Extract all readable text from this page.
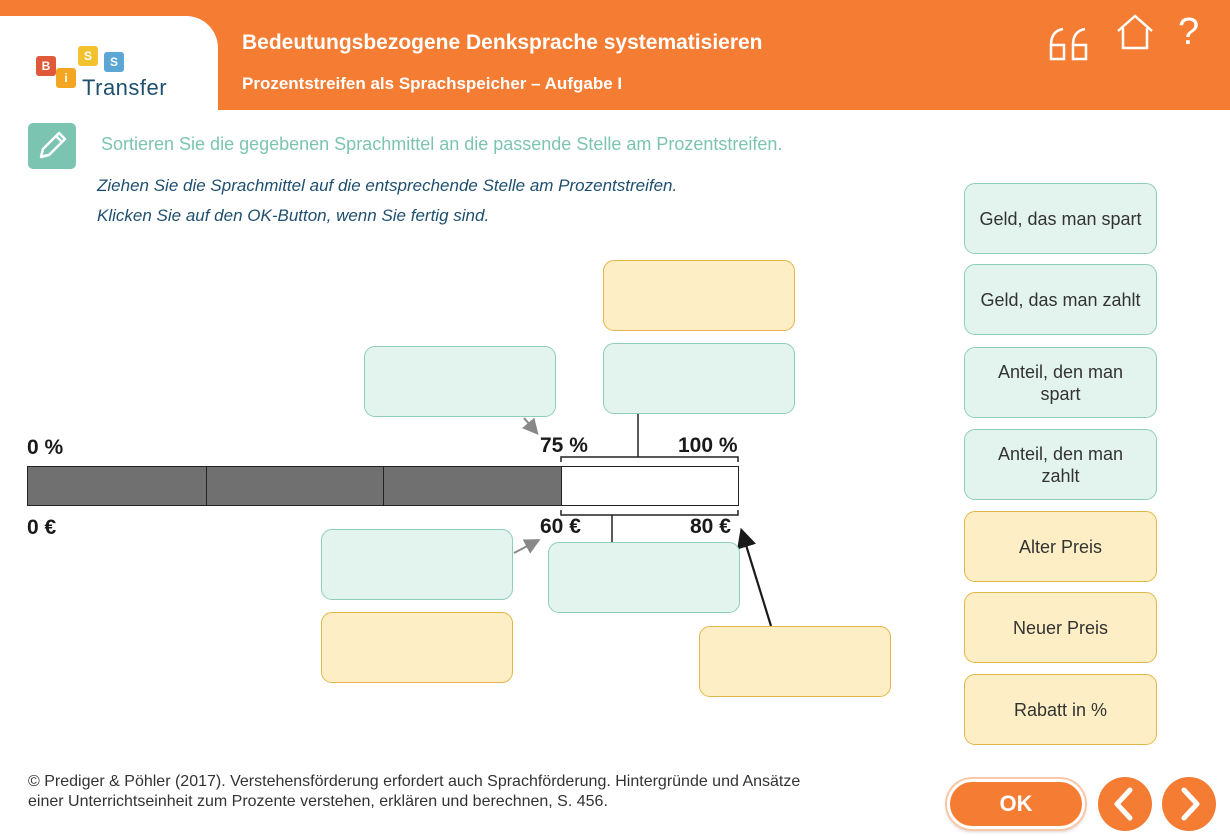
B
i
S	S
Transfer
Bedeutungsbezogene Denksprache systematisieren
Prozentstreifen als Sprachspeicher – Aufgabe I
?
Sortieren Sie die gegebenen Sprachmittel an die passende Stelle am Prozentstreifen.
Ziehen Sie die Sprachmittel auf die entsprechende Stelle am Prozentstreifen.
Klicken Sie auf den OK-Button, wenn Sie fertig sind.
0 %	75 %	100 %
0 €	60 €	80 €
Geld, das man spart
Geld, das man zahlt
Anteil, den man spart
Anteil, den man zahlt
Alter Preis
Neuer Preis
Rabatt in %
© Prediger & Pöhler (2017). Verstehensförderung erfordert auch Sprachförderung. Hintergründe und Ansätze einer Unterrichtseinheit zum Prozente verstehen, erklären und berechnen, S. 456.	OK
